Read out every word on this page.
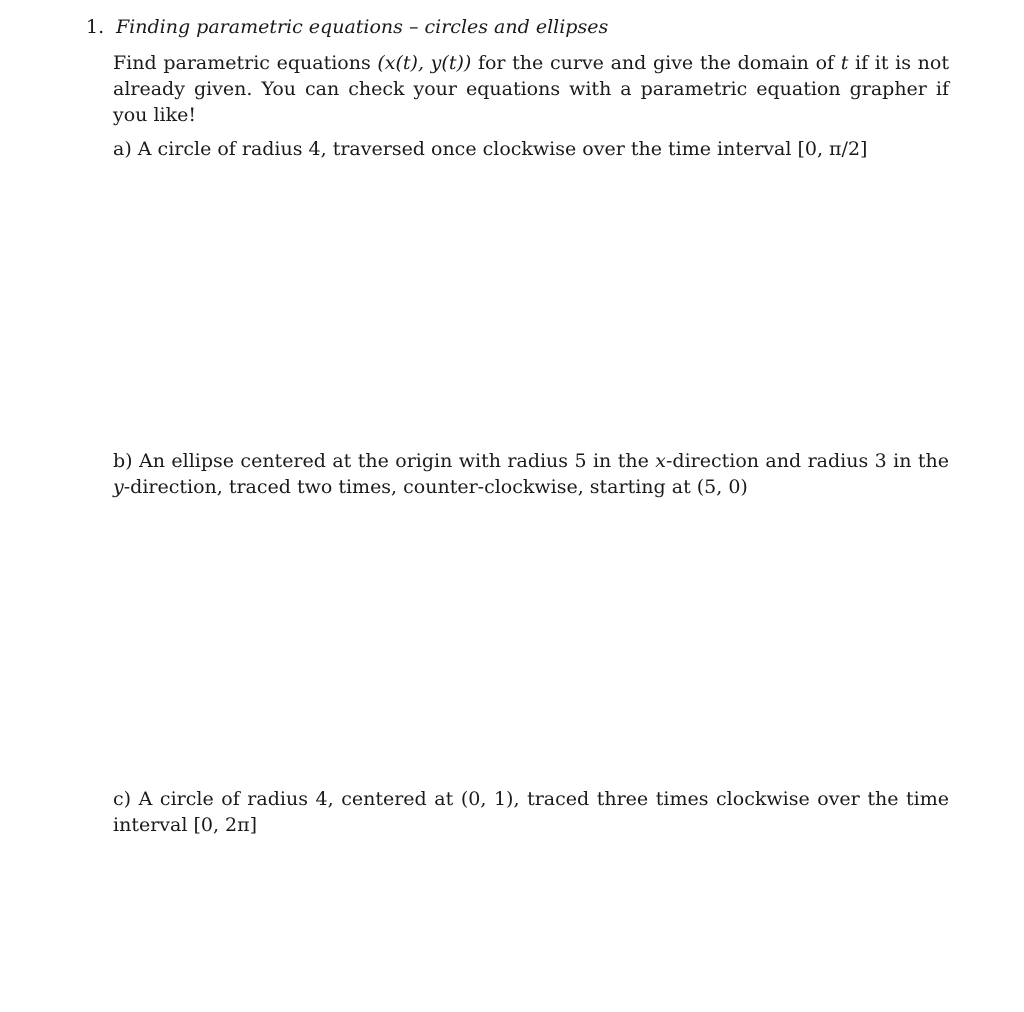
1. Finding parametric equations – circles and ellipses
Find parametric equations (x(t), y(t)) for the curve and give the domain of t if it is not already given. You can check your equations with a parametric equation grapher if you like!
a) A circle of radius 4, traversed once clockwise over the time interval [0, π/2]
b) An ellipse centered at the origin with radius 5 in the x-direction and radius 3 in the y-direction, traced two times, counter-clockwise, starting at (5, 0)
c) A circle of radius 4, centered at (0, 1), traced three times clockwise over the time interval [0, 2π]
